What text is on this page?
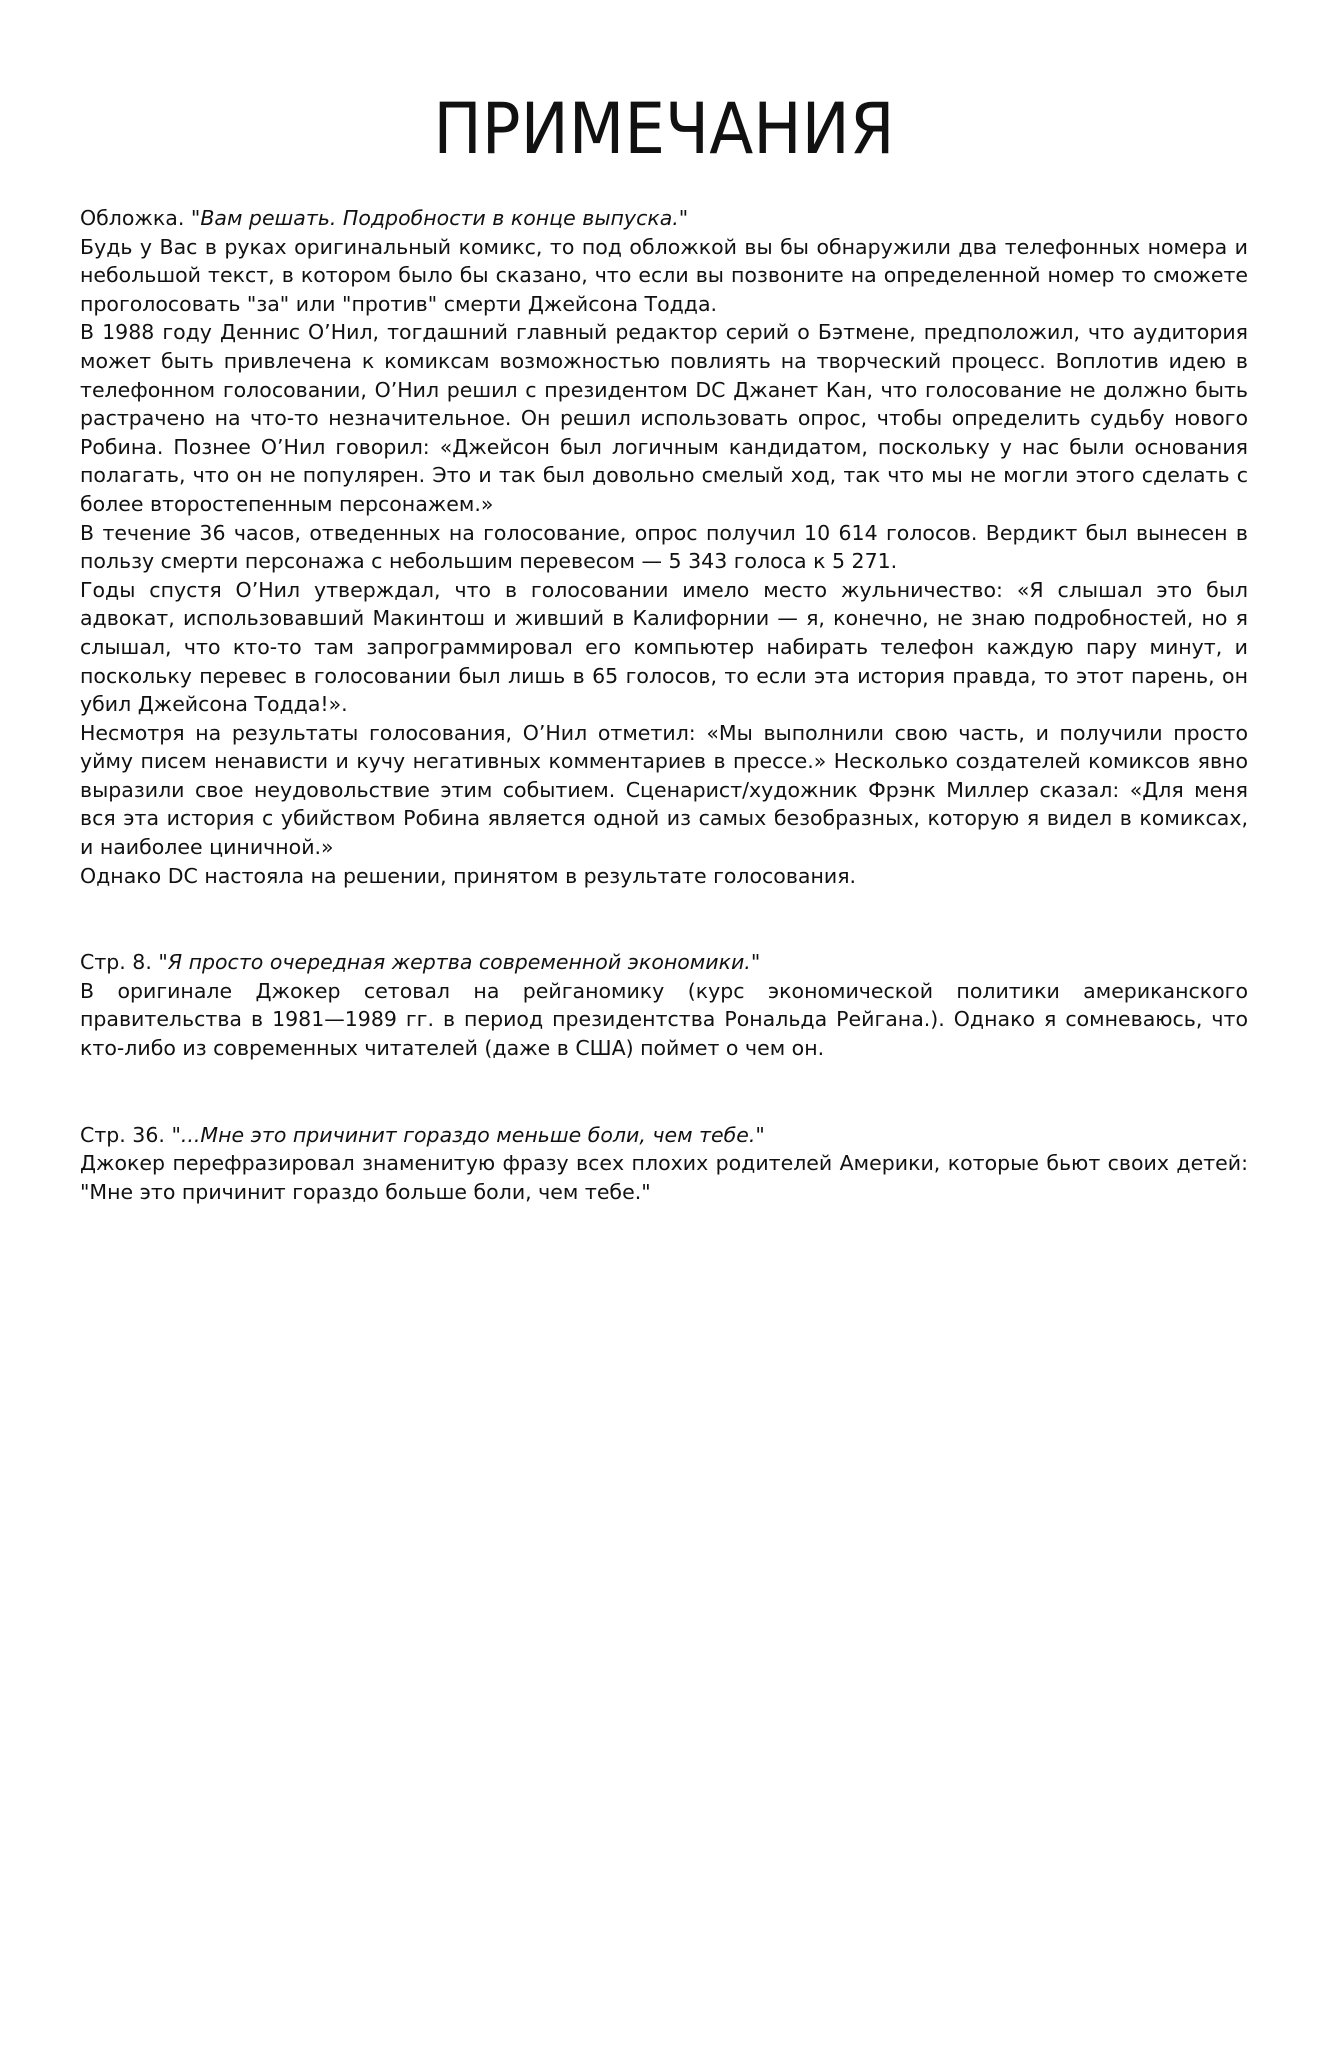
ПРИМЕЧАНИЯ

Обложка. "Вам решать. Подробности в конце выпуска."

Будь у Вас в руках оригинальный комикс, то под обложкой вы бы обнаружили два телефонных номера и небольшой текст, в котором было бы сказано, что если вы позвоните на определенной номер то сможете проголосовать "за" или "против" смерти Джейсона Тодда.

В 1988 году Деннис О’Нил, тогдашний главный редактор серий о Бэтмене, предположил, что аудитория может быть привлечена к комиксам возможностью повлиять на творческий процесс. Воплотив идею в телефонном голосовании, О’Нил решил с президентом DC Джанет Кан, что голосование не должно быть растрачено на что-то незначительное. Он решил использовать опрос, чтобы определить судьбу нового Робина. Познее О’Нил говорил: «Джейсон был логичным кандидатом, поскольку у нас были основания полагать, что он не популярен. Это и так был довольно смелый ход, так что мы не могли этого сделать с более второстепенным персонажем.»

В течение 36 часов, отведенных на голосование, опрос получил 10 614 голосов. Вердикт был вынесен в пользу смерти персонажа с небольшим перевесом — 5 343 голоса к 5 271.

Годы спустя О’Нил утверждал, что в голосовании имело место жульничество: «Я слышал это был адвокат, использовавший Макинтош и живший в Калифорнии — я, конечно, не знаю подробностей, но я слышал, что кто-то там запрограммировал его компьютер набирать телефон каждую пару минут, и поскольку перевес в голосовании был лишь в 65 голосов, то если эта история правда, то этот парень, он убил Джейсона Тодда!».

Несмотря на результаты голосования, О’Нил отметил: «Мы выполнили свою часть, и получили просто уйму писем ненависти и кучу негативных комментариев в прессе.» Несколько создателей комиксов явно выразили свое неудовольствие этим событием. Сценарист/художник Фрэнк Миллер сказал: «Для меня вся эта история с убийством Робина является одной из самых безобразных, которую я видел в комиксах, и наиболее циничной.»

Однако DC настояла на решении, принятом в результате голосования.

Стр. 8. "Я просто очередная жертва современной экономики."

В оригинале Джокер сетовал на рейганомику (курс экономической политики американского правительства в 1981—1989 гг. в период президентства Рональда Рейгана.). Однако я сомневаюсь, что кто-либо из современных читателей (даже в США) поймет о чем он.

Стр. 36. "...Мне это причинит гораздо меньше боли, чем тебе."

Джокер перефразировал знаменитую фразу всех плохих родителей Америки, которые бьют своих детей: "Мне это причинит гораздо больше боли, чем тебе."
